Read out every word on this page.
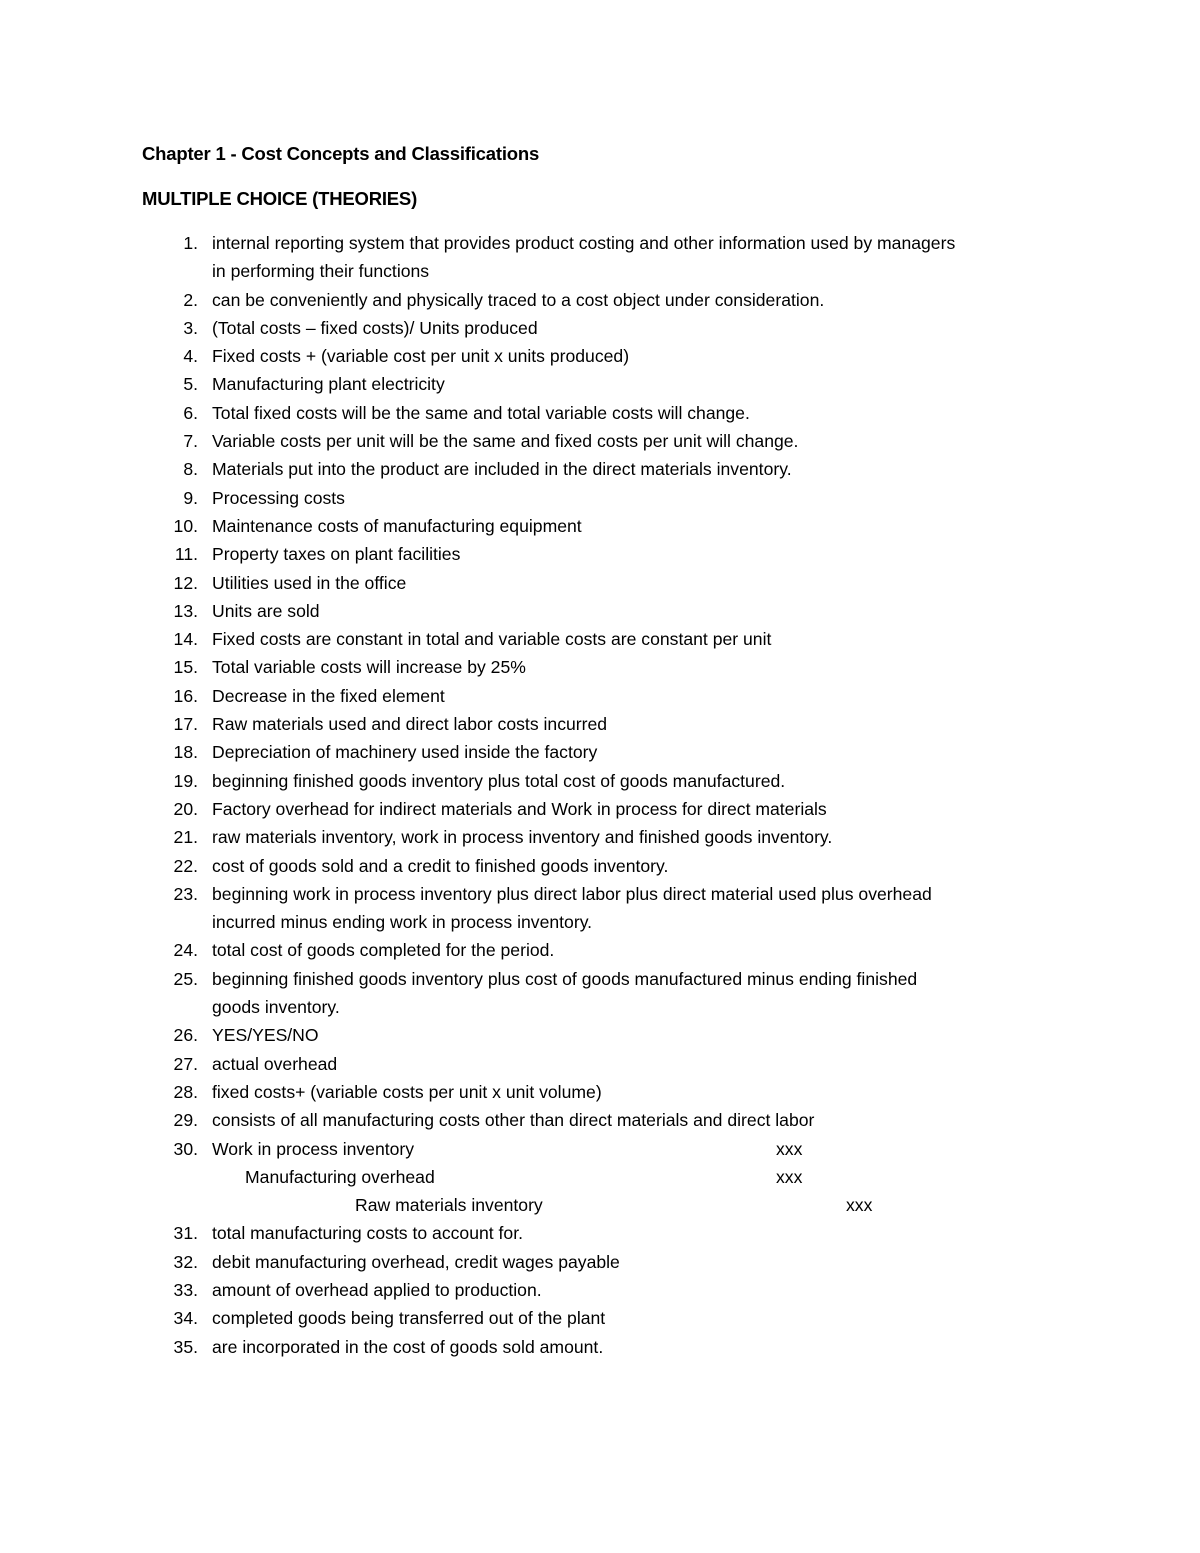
Chapter 1 - Cost Concepts and Classifications
MULTIPLE CHOICE (THEORIES)
1. internal reporting system that provides product costing and other information used by managers
in performing their functions
2. can be conveniently and physically traced to a cost object under consideration.
3. (Total costs – fixed costs)/ Units produced
4. Fixed costs + (variable cost per unit x units produced)
5. Manufacturing plant electricity
6. Total fixed costs will be the same and total variable costs will change.
7. Variable costs per unit will be the same and fixed costs per unit will change.
8. Materials put into the product are included in the direct materials inventory.
9. Processing costs
10. Maintenance costs of manufacturing equipment
11. Property taxes on plant facilities
12. Utilities used in the office
13. Units are sold
14. Fixed costs are constant in total and variable costs are constant per unit
15. Total variable costs will increase by 25%
16. Decrease in the fixed element
17. Raw materials used and direct labor costs incurred
18. Depreciation of machinery used inside the factory
19. beginning finished goods inventory plus total cost of goods manufactured.
20. Factory overhead for indirect materials and Work in process for direct materials
21. raw materials inventory, work in process inventory and finished goods inventory.
22. cost of goods sold and a credit to finished goods inventory.
23. beginning work in process inventory plus direct labor plus direct material used plus overhead
incurred minus ending work in process inventory.
24. total cost of goods completed for the period.
25. beginning finished goods inventory plus cost of goods manufactured minus ending finished
goods inventory.
26. YES/YES/NO
27. actual overhead
28. fixed costs+ (variable costs per unit x unit volume)
29. consists of all manufacturing costs other than direct materials and direct labor
30. Work in process inventory	xxx
Manufacturing overhead	xxx
Raw materials inventory	xxx
31. total manufacturing costs to account for.
32. debit manufacturing overhead, credit wages payable
33. amount of overhead applied to production.
34. completed goods being transferred out of the plant
35. are incorporated in the cost of goods sold amount.
